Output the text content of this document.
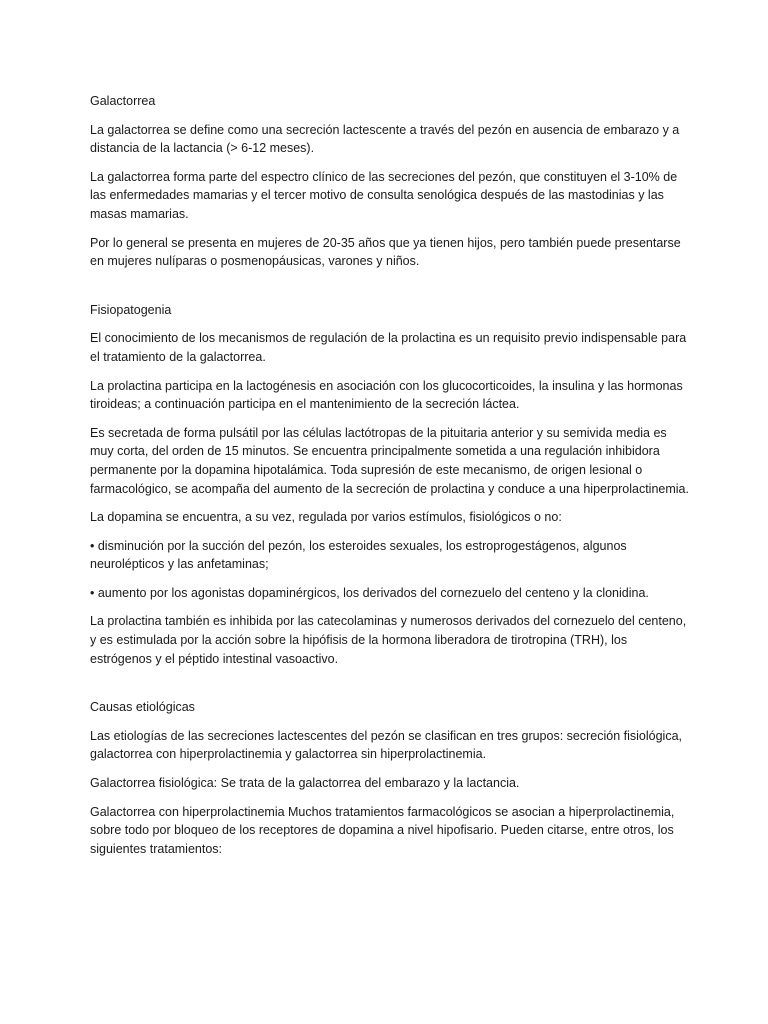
Galactorrea

La galactorrea se define como una secreción lactescente a través del pezón en ausencia de embarazo y a distancia de la lactancia (> 6-12 meses).

La galactorrea forma parte del espectro clínico de las secreciones del pezón, que constituyen el 3-10% de las enfermedades mamarias y el tercer motivo de consulta senológica después de las mastodinias y las masas mamarias.

Por lo general se presenta en mujeres de 20-35 años que ya tienen hijos, pero también puede presentarse en mujeres nulíparas o posmenopáusicas, varones y niños.

Fisiopatogenia

El conocimiento de los mecanismos de regulación de la prolactina es un requisito previo indispensable para el tratamiento de la galactorrea.

La prolactina participa en la lactogénesis en asociación con los glucocorticoides, la insulina y las hormonas tiroideas; a continuación participa en el mantenimiento de la secreción láctea.

Es secretada de forma pulsátil por las células lactótropas de la pituitaria anterior y su semivida media es muy corta, del orden de 15 minutos. Se encuentra principalmente sometida a una regulación inhibidora permanente por la dopamina hipotalámica. Toda supresión de este mecanismo, de origen lesional o farmacológico, se acompaña del aumento de la secreción de prolactina y conduce a una hiperprolactinemia.

La dopamina se encuentra, a su vez, regulada por varios estímulos, fisiológicos o no:

• disminución por la succión del pezón, los esteroides sexuales, los estroprogestágenos, algunos neurolépticos y las anfetaminas;

• aumento por los agonistas dopaminérgicos, los derivados del cornezuelo del centeno y la clonidina.

La prolactina también es inhibida por las catecolaminas y numerosos derivados del cornezuelo del centeno, y es estimulada por la acción sobre la hipófisis de la hormona liberadora de tirotropina (TRH), los estrógenos y el péptido intestinal vasoactivo.

Causas etiológicas

Las etiologías de las secreciones lactescentes del pezón se clasifican en tres grupos: secreción fisiológica, galactorrea con hiperprolactinemia y galactorrea sin hiperprolactinemia.

Galactorrea fisiológica: Se trata de la galactorrea del embarazo y la lactancia.

Galactorrea con hiperprolactinemia Muchos tratamientos farmacológicos se asocian a hiperprolactinemia, sobre todo por bloqueo de los receptores de dopamina a nivel hipofisario. Pueden citarse, entre otros, los siguientes tratamientos:
